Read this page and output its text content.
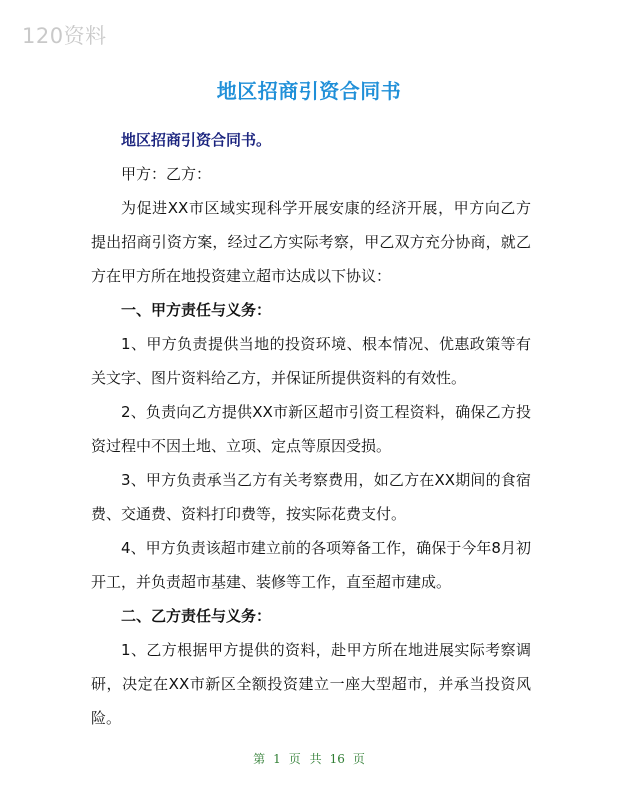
120资料
地区招商引资合同书

地区招商引资合同书。

甲方：乙方：

为促进XX市区域实现科学开展安康的经济开展，甲方向乙方提出招商引资方案，经过乙方实际考察，甲乙双方充分协商，就乙方在甲方所在地投资建立超市达成以下协议：

一、甲方责任与义务：

1、甲方负责提供当地的投资环境、根本情况、优惠政策等有关文字、图片资料给乙方，并保证所提供资料的有效性。

2、负责向乙方提供XX市新区超市引资工程资料，确保乙方投资过程中不因土地、立项、定点等原因受损。

3、甲方负责承当乙方有关考察费用，如乙方在XX期间的食宿费、交通费、资料打印费等，按实际花费支付。

4、甲方负责该超市建立前的各项筹备工作，确保于今年8月初开工，并负责超市基建、装修等工作，直至超市建成。

二、乙方责任与义务：

1、乙方根据甲方提供的资料，赴甲方所在地进展实际考察调研，决定在XX市新区全额投资建立一座大型超市，并承当投资风险。

第 1 页 共 16 页
